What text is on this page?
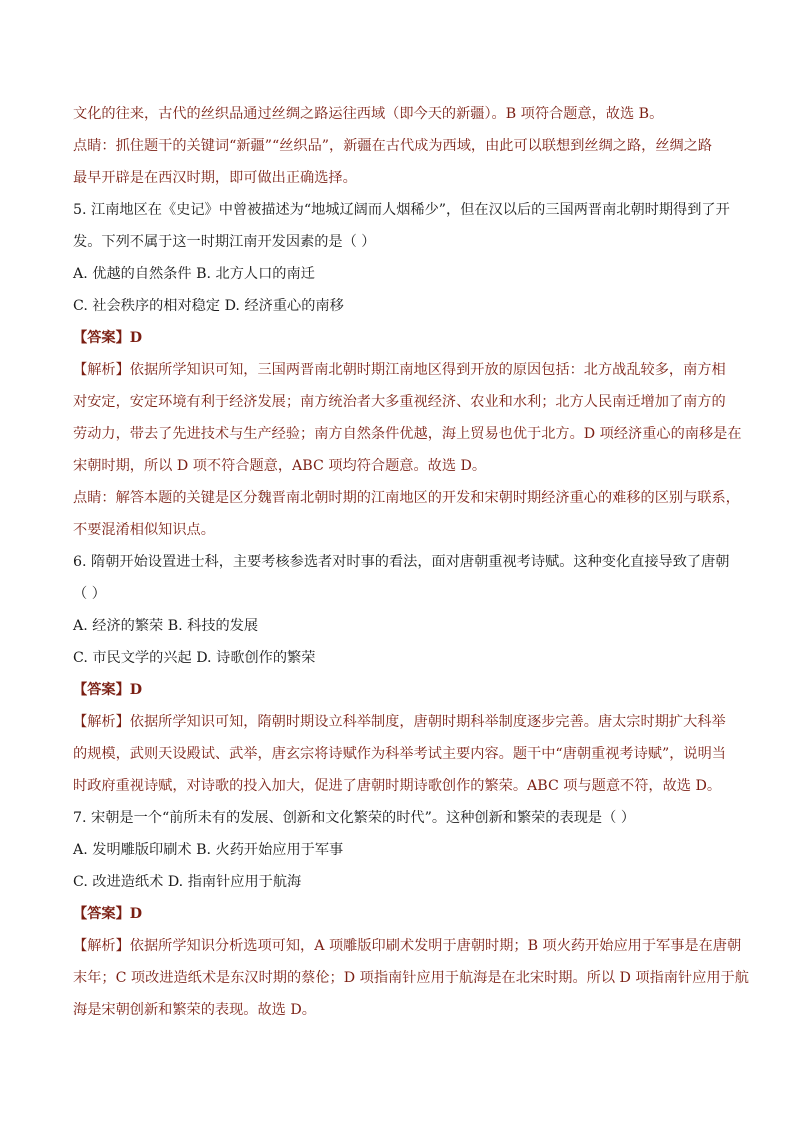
文化的往来，古代的丝织品通过丝绸之路运往西域（即今天的新疆）。B 项符合题意，故选 B。
点睛：抓住题干的关键词“新疆”“丝织品”，新疆在古代成为西域，由此可以联想到丝绸之路，丝绸之路
最早开辟是在西汉时期，即可做出正确选择。
5. 江南地区在《史记》中曾被描述为“地城辽阔而人烟稀少”，但在汉以后的三国两晋南北朝时期得到了开
发。下列不属于这一时期江南开发因素的是（ ）
A. 优越的自然条件 B. 北方人口的南迁
C. 社会秩序的相对稳定 D. 经济重心的南移
【答案】D
【解析】依据所学知识可知，三国两晋南北朝时期江南地区得到开放的原因包括：北方战乱较多，南方相
对安定，安定环境有利于经济发展；南方统治者大多重视经济、农业和水利；北方人民南迁增加了南方的
劳动力，带去了先进技术与生产经验；南方自然条件优越，海上贸易也优于北方。D 项经济重心的南移是在
宋朝时期，所以 D 项不符合题意，ABC 项均符合题意。故选 D。
点睛：解答本题的关键是区分魏晋南北朝时期的江南地区的开发和宋朝时期经济重心的难移的区别与联系，
不要混淆相似知识点。
6. 隋朝开始设置进士科，主要考核参选者对时事的看法，面对唐朝重视考诗赋。这种变化直接导致了唐朝
（ ）
A. 经济的繁荣 B. 科技的发展
C. 市民文学的兴起 D. 诗歌创作的繁荣
【答案】D
【解析】依据所学知识可知，隋朝时期设立科举制度，唐朝时期科举制度逐步完善。唐太宗时期扩大科举
的规模，武则天设殿试、武举，唐玄宗将诗赋作为科举考试主要内容。题干中“唐朝重视考诗赋”，说明当
时政府重视诗赋，对诗歌的投入加大，促进了唐朝时期诗歌创作的繁荣。ABC 项与题意不符，故选 D。
7. 宋朝是一个“前所未有的发展、创新和文化繁荣的时代”。这种创新和繁荣的表现是（ ）
A. 发明雕版印刷术 B. 火药开始应用于军事
C. 改进造纸术 D. 指南针应用于航海
【答案】D
【解析】依据所学知识分析选项可知，A 项雕版印刷术发明于唐朝时期；B 项火药开始应用于军事是在唐朝
末年；C 项改进造纸术是东汉时期的蔡伦；D 项指南针应用于航海是在北宋时期。所以 D 项指南针应用于航
海是宋朝创新和繁荣的表现。故选 D。
